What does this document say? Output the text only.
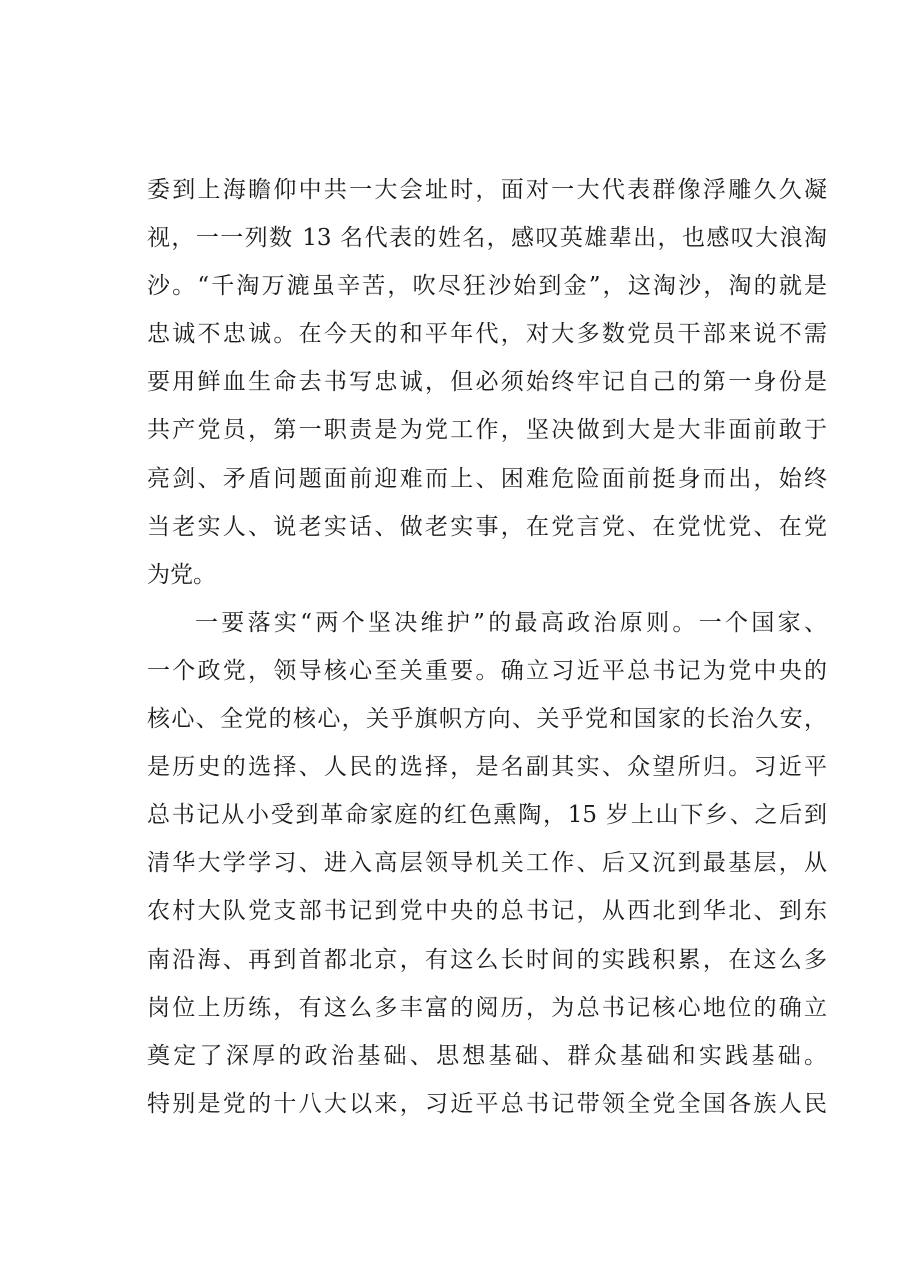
委到上海瞻仰中共一大会址时，面对一大代表群像浮雕久久凝
视，一一列数 13 名代表的姓名，感叹英雄辈出，也感叹大浪淘
沙。“千淘万漉虽辛苦，吹尽狂沙始到金”，这淘沙，淘的就是
忠诚不忠诚。在今天的和平年代，对大多数党员干部来说不需
要用鲜血生命去书写忠诚，但必须始终牢记自己的第一身份是
共产党员，第一职责是为党工作，坚决做到大是大非面前敢于
亮剑、矛盾问题面前迎难而上、困难危险面前挺身而出，始终
当老实人、说老实话、做老实事，在党言党、在党忧党、在党
为党。
一要落实“两个坚决维护”的最高政治原则。一个国家、
一个政党，领导核心至关重要。确立习近平总书记为党中央的
核心、全党的核心，关乎旗帜方向、关乎党和国家的长治久安，
是历史的选择、人民的选择，是名副其实、众望所归。习近平
总书记从小受到革命家庭的红色熏陶，15 岁上山下乡、之后到
清华大学学习、进入高层领导机关工作、后又沉到最基层，从
农村大队党支部书记到党中央的总书记，从西北到华北、到东
南沿海、再到首都北京，有这么长时间的实践积累，在这么多
岗位上历练，有这么多丰富的阅历，为总书记核心地位的确立
奠定了深厚的政治基础、思想基础、群众基础和实践基础。
特别是党的十八大以来，习近平总书记带领全党全国各族人民
